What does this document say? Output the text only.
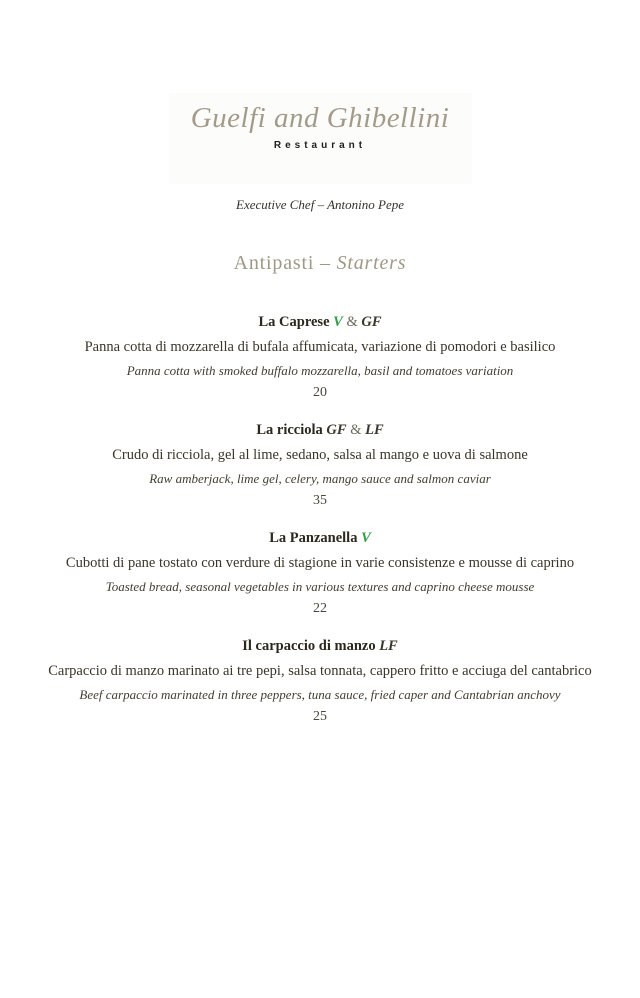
Guelfi and Ghibellini
Restaurant
Executive Chef – Antonino Pepe
Antipasti – Starters
La Caprese V & GF
Panna cotta di mozzarella di bufala affumicata, variazione di pomodori e basilico
Panna cotta with smoked buffalo mozzarella, basil and tomatoes variation
20
La ricciola GF & LF
Crudo di ricciola, gel al lime, sedano, salsa al mango e uova di salmone
Raw amberjack, lime gel, celery, mango sauce and salmon caviar
35
La Panzanella V
Cubotti di pane tostato con verdure di stagione in varie consistenze e mousse di caprino
Toasted bread, seasonal vegetables in various textures and caprino cheese mousse
22
Il carpaccio di manzo LF
Carpaccio di manzo marinato ai tre pepi, salsa tonnata, cappero fritto e acciuga del cantabrico
Beef carpaccio marinated in three peppers, tuna sauce, fried caper and Cantabrian anchovy
25
